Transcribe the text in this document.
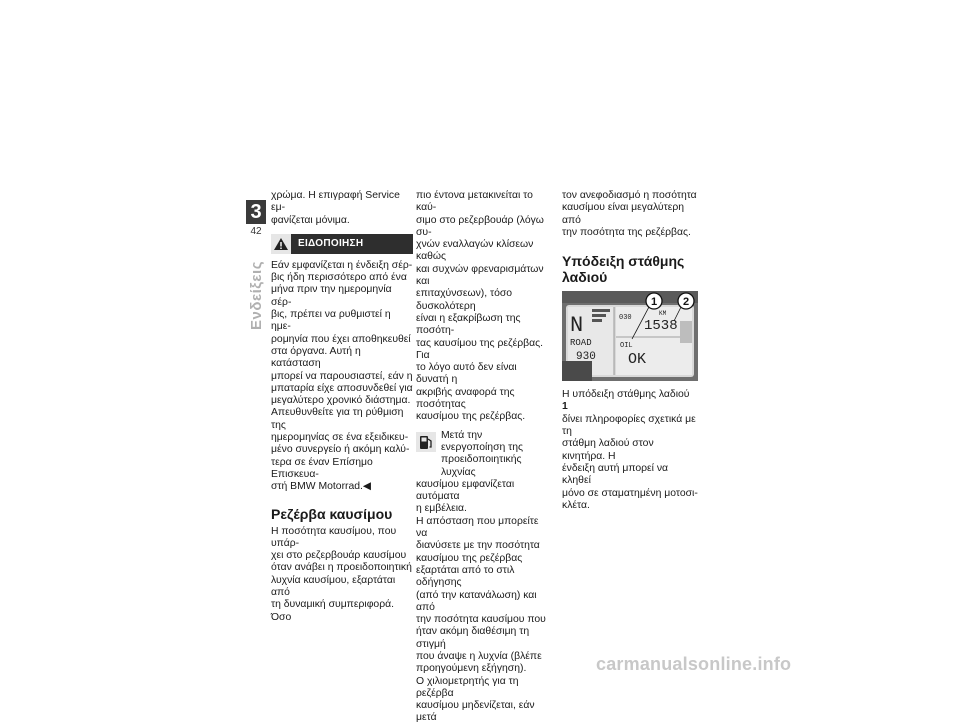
3
42
Ενδείξεις

χρώμα. Η επιγραφή Service εμ-

φανίζεται μόνιμα.

ΕΙΔΟΠΟΙΗΣΗ

Εάν εμφανίζεται η ένδειξη σέρ-

βις ήδη περισσότερο από ένα

μήνα πριν την ημερομηνία σέρ-

βις, πρέπει να ρυθμιστεί η ημε-

ρομηνία που έχει αποθηκευθεί

στα όργανα. Αυτή η κατάσταση

μπορεί να παρουσιαστεί, εάν η

μπαταρία είχε αποσυνδεθεί για

μεγαλύτερο χρονικό διάστημα.

Απευθυνθείτε για τη ρύθμιση της

ημερομηνίας σε ένα εξειδικευ-

μένο συνεργείο ή ακόμη καλύ-

τερα σε έναν Επίσημο Επισκευα-

στή BMW Motorrad.◀

Ρεζέρβα καυσίμου

Η ποσότητα καυσίμου, που υπάρ-

χει στο ρεζερβουάρ καυσίμου

όταν ανάβει η προειδοποιητική

λυχνία καυσίμου, εξαρτάται από

τη δυναμική συμπεριφορά. Όσο

πιο έντονα μετακινείται το καύ-

σιμο στο ρεζερβουάρ (λόγω συ-

χνών εναλλαγών κλίσεων καθώς

και συχνών φρεναρισμάτων και

επιταχύνσεων), τόσο δυσκολότερη

είναι η εξακρίβωση της ποσότη-

τας καυσίμου της ρεζέρβας. Για

το λόγο αυτό δεν είναι δυνατή η

ακριβής αναφορά της ποσότητας

καυσίμου της ρεζέρβας.

Μετά την ενεργοποίηση της

προειδοποιητικής λυχνίας

καυσίμου εμφανίζεται αυτόματα

η εμβέλεια.

Η απόσταση που μπορείτε να

διανύσετε με την ποσότητα

καυσίμου της ρεζέρβας

εξαρτάται από το στιλ οδήγησης

(από την κατανάλωση) και από

την ποσότητα καυσίμου που

ήταν ακόμη διαθέσιμη τη στιγμή

που άναψε η λυχνία (βλέπε

προηγούμενη εξήγηση).

Ο χιλιομετρητής για τη ρεζέρβα

καυσίμου μηδενίζεται, εάν μετά

τον ανεφοδιασμό η ποσότητα

καυσίμου είναι μεγαλύτερη από

την ποσότητα της ρεζέρβας.

Υπόδειξη στάθμης
λαδιού
N
ROAD
930
030
KM
1538
OIL
OK
1 2

Η υπόδειξη στάθμης λαδιού 1

δίνει πληροφορίες σχετικά με τη

στάθμη λαδιού στον κινητήρα. Η

ένδειξη αυτή μπορεί να κληθεί

μόνο σε σταματημένη μοτοσι-

κλέτα.

carmanualsonline.info
